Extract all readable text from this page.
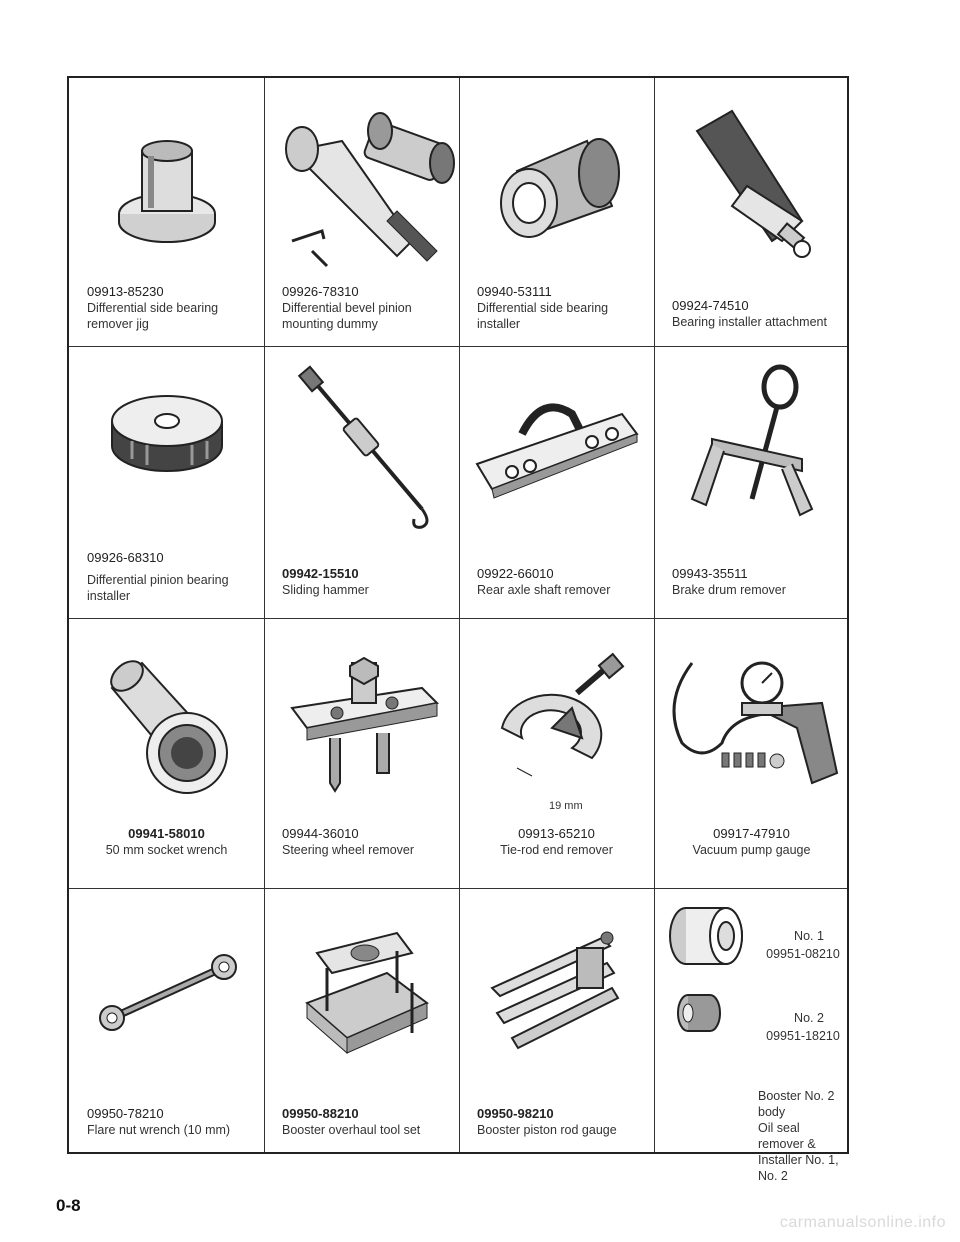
09913-85230
Differential side bearing remover jig
09926-78310
Differential bevel pinion mounting dummy
09940-53111
Differential side bearing installer
09924-74510
Bearing installer attachment
09926-68310
Differential pinion bearing installer
09942-15510
Sliding hammer
09922-66010
Rear axle shaft remover
09943-35511
Brake drum remover
09941-58010
50 mm socket wrench
09944-36010
Steering wheel remover
19 mm
09913-65210
Tie-rod end remover
09917-47910
Vacuum pump gauge
09950-78210
Flare nut wrench (10 mm)
09950-88210
Booster overhaul tool set
09950-98210
Booster piston rod gauge
No. 1
09951-08210
No. 2
09951-18210
Booster No. 2 body
Oil seal remover &
Installer No. 1, No. 2
0-8
carmanualsonline.info
